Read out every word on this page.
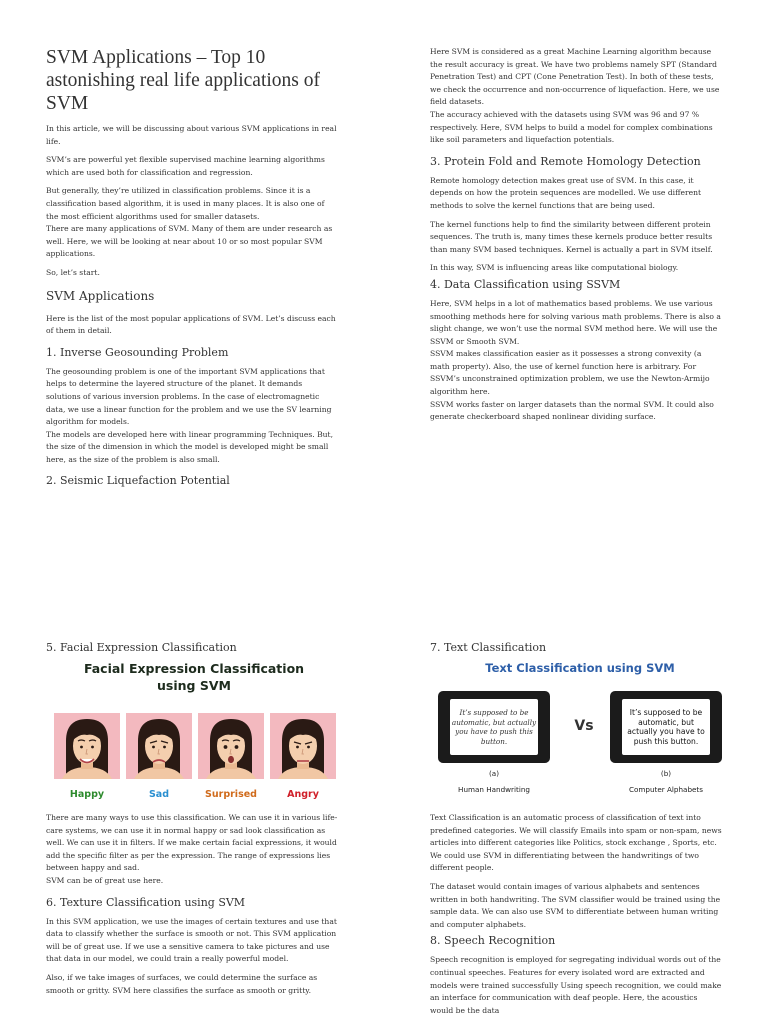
SVM Applications – Top 10 astonishing real life applications of SVM

In this article, we will be discussing about various SVM applications in real life.

SVM’s are powerful yet flexible supervised machine learning algorithms which are used both for classification and regression.

But generally, they’re utilized in classification problems. Since it is a classification based algorithm, it is used in many places. It is also one of the most efficient algorithms used for smaller datasets.
There are many applications of SVM. Many of them are under research as well. Here, we will be looking at near about 10 or so most popular SVM applications.

So, let’s start.

SVM Applications

Here is the list of the most popular applications of SVM. Let’s discuss each of them in detail.

1. Inverse Geosounding Problem

The geosounding problem is one of the important SVM applications that helps to determine the layered structure of the planet. It demands solutions of various inversion problems. In the case of electromagnetic data, we use a linear function for the problem and we use the SV learning algorithm for models.
The models are developed here with linear programming Techniques. But, the size of the dimension in which the model is developed might be small here, as the size of the problem is also small.

2. Seismic Liquefaction Potential

Here SVM is considered as a great Machine Learning algorithm because the result accuracy is great. We have two problems namely SPT (Standard Penetration Test) and CPT (Cone Penetration Test). In both of these tests, we check the occurrence and non-occurrence of liquefaction. Here, we use field datasets.
The accuracy achieved with the datasets using SVM was 96 and 97 % respectively. Here, SVM helps to build a model for complex combinations like soil parameters and liquefaction potentials.

3. Protein Fold and Remote Homology Detection

Remote homology detection makes great use of SVM. In this case, it depends on how the protein sequences are modelled. We use different methods to solve the kernel functions that are being used.

The kernel functions help to find the similarity between different protein sequences. The truth is, many times these kernels produce better results than many SVM based techniques. Kernel is actually a part in SVM itself.

In this way, SVM is influencing areas like computational biology.

4. Data Classification using SSVM

Here, SVM helps in a lot of mathematics based problems. We use various smoothing methods here for solving various math problems. There is also a slight change, we won’t use the normal SVM method here. We will use the SSVM or Smooth SVM.
SSVM makes classification easier as it possesses a strong convexity (a math property). Also, the use of kernel function here is arbitrary. For SSVM’s unconstrained optimization problem, we use the Newton-Armijo algorithm here.
SSVM works faster on larger datasets than the normal SVM. It could also generate checkerboard shaped nonlinear dividing surface.

5. Facial Expression Classification
Facial Expression Classification
using SVM
Happy	Sad	Surprised	Angry

There are many ways to use this classification. We can use it in various life-care systems, we can use it in normal happy or sad look classification as well. We can use it in filters. If we make certain facial expressions, it would add the specific filter as per the expression. The range of expressions lies between happy and sad.
SVM can be of great use here.

6. Texture Classification using SVM

In this SVM application, we use the images of certain textures and use that data to classify whether the surface is smooth or not. This SVM application will be of great use. If we use a sensitive camera to take pictures and use that data in our model, we could train a really powerful model.

Also, if we take images of surfaces, we could determine the surface as smooth or gritty. SVM here classifies the surface as smooth or gritty.

7. Text Classification
Text Classification using SVM
It’s supposed to be automatic, but actually you have to push this button.
Vs
It’s supposed to be automatic, but actually you have to push this button.
(a)	(b)
Human Handwriting	Computer Alphabets

Text Classification is an automatic process of classification of text into predefined categories. We will classify Emails into spam or non-spam, news articles into different categories like Politics, stock exchange , Sports, etc. We could use SVM in differentiating between the handwritings of two different people.

The dataset would contain images of various alphabets and sentences written in both handwriting. The SVM classifier would be trained using the sample data. We can also use SVM to differentiate between human writing and computer alphabets.

8. Speech Recognition

Speech recognition is employed for segregating individual words out of the continual speeches. Features for every isolated word are extracted and models were trained successfully Using speech recognition, we could make an interface for communication with deaf people. Here, the acoustics would be the data
